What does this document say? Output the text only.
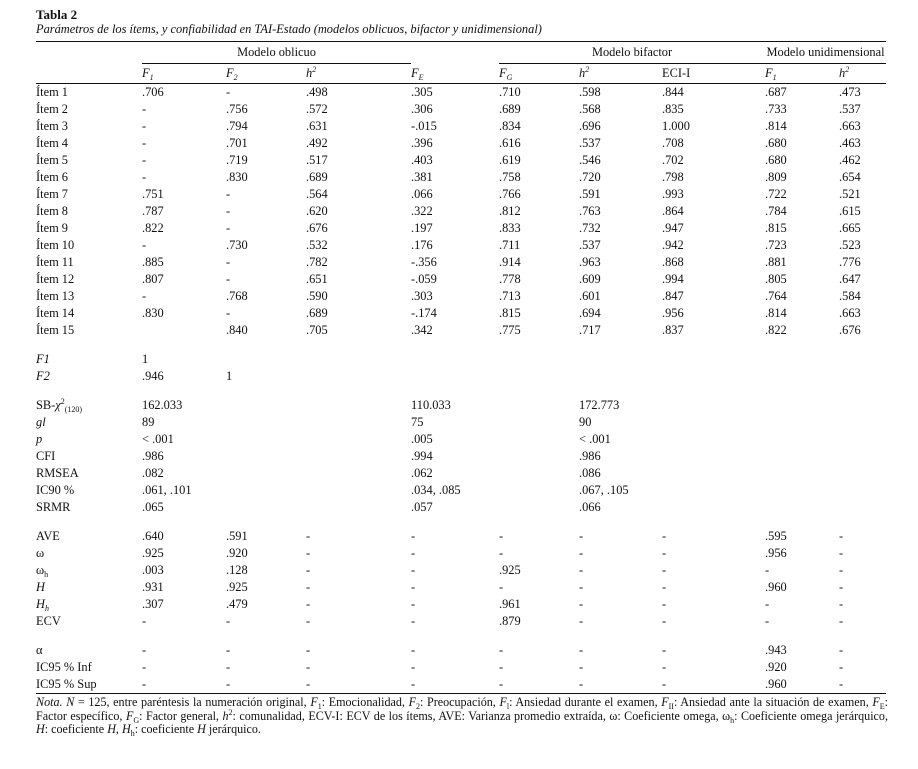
Tabla 2
Parámetros de los ítems, y confiabilidad en TAI-Estado (modelos oblicuos, bifactor y unidimensional)
	Modelo oblicuo				Modelo bifactor			Modelo unidimensional	
	$F_1$	$F_2$	$h^2$	$F_E$	$F_G$	$h^2$	ECI-I	$F_1$	$h^2$
Ítem 1	.706	-	.498	.305	.710	.598	.844	.687	.473
Ítem 2	-	.756	.572	.306	.689	.568	.835	.733	.537
Ítem 3	-	.794	.631	-.015	.834	.696	1.000	.814	.663
Ítem 4	-	.701	.492	.396	.616	.537	.708	.680	.463
Ítem 5	-	.719	.517	.403	.619	.546	.702	.680	.462
Ítem 6	-	.830	.689	.381	.758	.720	.798	.809	.654
Ítem 7	.751	-	.564	.066	.766	.591	.993	.722	.521
Ítem 8	.787	-	.620	.322	.812	.763	.864	.784	.615
Ítem 9	.822	-	.676	.197	.833	.732	.947	.815	.665
Ítem 10	-	.730	.532	.176	.711	.537	.942	.723	.523
Ítem 11	.885	-	.782	-.356	.914	.963	.868	.881	.776
Ítem 12	.807	-	.651	-.059	.778	.609	.994	.805	.647
Ítem 13	-	.768	.590	.303	.713	.601	.847	.764	.584
Ítem 14	.830	-	.689	-.174	.815	.694	.956	.814	.663
Ítem 15		.840	.705	.342	.775	.717	.837	.822	.676

F1	1								
F2	.946	1							

$SB-\chi^2_{(120)}$	162.033			110.033		172.773			
gl	89			75		90			
p	< .001			.005		< .001			
CFI	.986			.994		.986			
RMSEA	.082			.062		.086			
IC90 %	.061, .101			.034, .085		.067, .105			
SRMR	.065			.057		.066			

AVE	.640	.591	-	-	-	-	-	.595	-
ω	.925	.920	-	-	-	-	-	.956	-
$\omega_h$	.003	.128	-	-	.925	-	-	-	-
H	.931	.925	-	-	-	-	-	.960	-
$H_h$	.307	.479	-	-	.961	-	-	-	-
ECV	-	-	-	-	.879	-	-	-	-

α	-	-	-	-	-	-	-	.943	-
IC95 % Inf	-	-	-	-	-	-	-	.920	-
IC95 % Sup	-	-	-	-	-	-	-	.960	-
Nota. N = 125, entre paréntesis la numeración original, $F_1$: Emocionalidad, $F_2$: Preocupación, $F_l$: Ansiedad durante el examen, $F_{II}$: Ansiedad ante la situación de examen, $F_E$: Factor específico, $F_G$: Factor general, $h^2$: comunalidad, ECV-I: ECV de los ítems, AVE: Varianza promedio extraída, ω: Coeficiente omega, $\omega_h$: Coeficiente omega jerárquico, H: coeficiente H, $H_h$: coeficiente H jerárquico.
